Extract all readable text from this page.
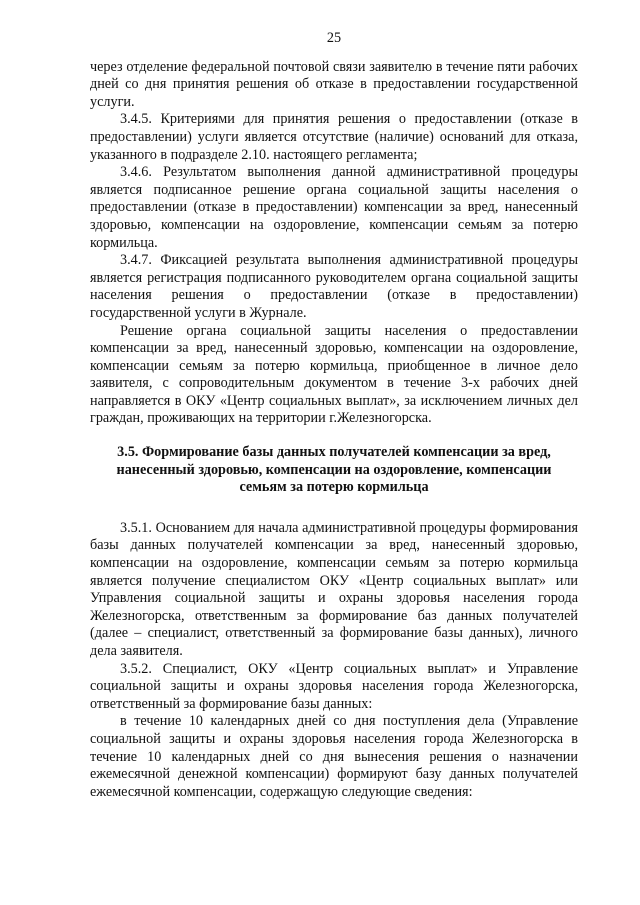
25

через отделение федеральной почтовой связи заявителю в течение пяти рабочих дней со дня принятия решения об отказе в предоставлении государственной услуги.

3.4.5. Критериями для принятия решения о предоставлении (отказе в предоставлении) услуги является отсутствие (наличие) оснований для отказа, указанного в подразделе 2.10. настоящего регламента;

3.4.6. Результатом выполнения данной административной процедуры является подписанное решение органа социальной защиты населения о предоставлении (отказе в предоставлении) компенсации за вред, нанесенный здоровью, компенсации на оздоровление, компенсации семьям за потерю кормильца.

3.4.7. Фиксацией результата выполнения административной процедуры является регистрация подписанного руководителем органа социальной защиты населения решения о предоставлении (отказе в предоставлении) государственной услуги в Журнале.

Решение органа социальной защиты населения о предоставлении компенсации за вред, нанесенный здоровью, компенсации на оздоровление, компенсации семьям за потерю кормильца, приобщенное в личное дело заявителя, с сопроводительным документом в течение 3-х рабочих дней направляется в ОКУ «Центр социальных выплат», за исключением личных дел граждан, проживающих на территории г.Железногорска.

3.5. Формирование базы данных получателей компенсации за вред, нанесенный здоровью, компенсации на оздоровление, компенсации семьям за потерю кормильца

3.5.1. Основанием для начала административной процедуры формирования базы данных получателей компенсации за вред, нанесенный здоровью, компенсации на оздоровление, компенсации семьям за потерю кормильца является получение специалистом ОКУ «Центр социальных выплат» или Управления социальной защиты и охраны здоровья населения города Железногорска, ответственным за формирование баз данных получателей (далее – специалист, ответственный за формирование базы данных), личного дела заявителя.

3.5.2. Специалист, ОКУ «Центр социальных выплат» и Управление социальной защиты и охраны здоровья населения города Железногорска, ответственный за формирование базы данных:

в течение 10 календарных дней со дня поступления дела (Управление социальной защиты и охраны здоровья населения города Железногорска в течение 10 календарных дней со дня вынесения решения о назначении ежемесячной денежной компенсации) формируют базу данных получателей ежемесячной компенсации, содержащую следующие сведения:
